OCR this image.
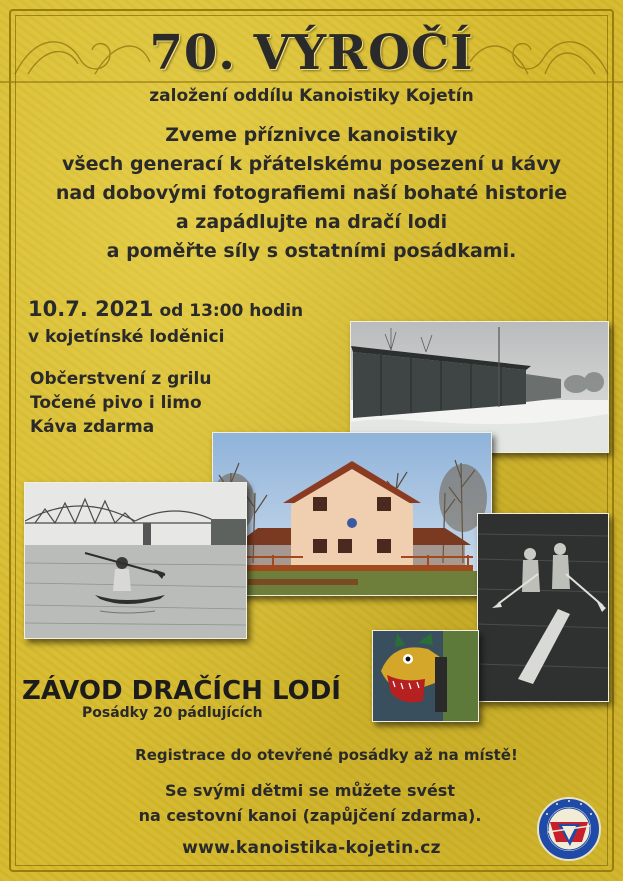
70. VÝROČÍ
založení oddílu Kanoistiky Kojetín
Zveme příznivce kanoistiky
všech generací k přátelskému posezení u kávy
nad dobovými fotografiemi naší bohaté historie
a zapádlujte na dračí lodi
a poměřte síly s ostatními posádkami.
10.7. 2021 od 13:00 hodin
v kojetínské loděnici
Občerstvení z grilu
Točené pivo i limo
Káva zdarma
ZÁVOD DRAČÍCH LODÍ
Posádky 20 pádlujících
Registrace do otevřené posádky až na místě!
Se svými dětmi se můžete svést
na cestovní kanoi (zapůjčení zdarma).
www.kanoistika-kojetin.cz
